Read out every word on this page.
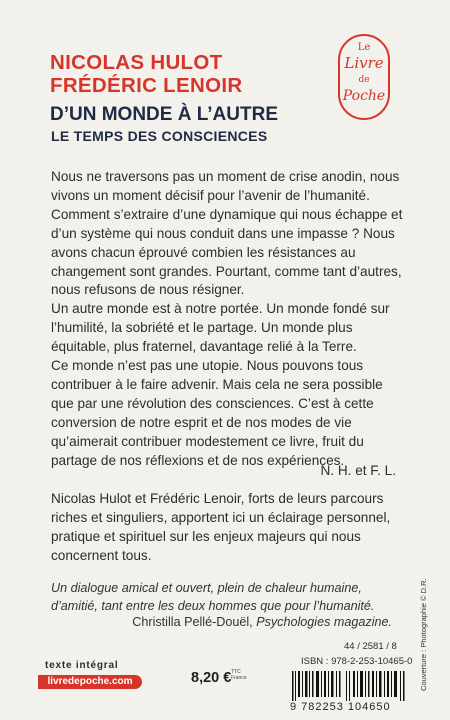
NICOLAS HULOT
FRÉDÉRIC LENOIR
D’UN MONDE À L’AUTRE
LE TEMPS DES CONSCIENCES
Le
Livre
de
Poche

Nous ne traversons pas un moment de crise anodin, nous vivons un moment décisif pour l’avenir de l’humanité. Comment s’extraire d’une dynamique qui nous échappe et d’un système qui nous conduit dans une impasse ? Nous avons chacun éprouvé combien les résistances au changement sont grandes. Pourtant, comme tant d’autres, nous refusons de nous résigner.

Un autre monde est à notre portée. Un monde fondé sur l’humilité, la sobriété et le partage. Un monde plus équitable, plus fraternel, davantage relié à la Terre.

Ce monde n’est pas une utopie. Nous pouvons tous contribuer à le faire advenir. Mais cela ne sera possible que par une révolution des consciences. C’est à cette conversion de notre esprit et de nos modes de vie qu’aimerait contribuer modestement ce livre, fruit du partage de nos réflexions et de nos expériences.

N. H. et F. L.
Nicolas Hulot et Frédéric Lenoir, forts de leurs parcours riches et singuliers, apportent ici un éclairage personnel, pratique et spirituel sur les enjeux majeurs qui nous concernent tous.
Un dialogue amical et ouvert, plein de chaleur humaine, d’amitié, tant entre les deux hommes que pour l’humanité.
Christilla Pellé-Douël, Psychologies magazine.
texte intégral
livredepoche.com	8,20 € TTC
France
44 / 2581 / 8
ISBN : 978-2-253-10465-0
9 782253 104650
Couverture : Photographie © D.R.
